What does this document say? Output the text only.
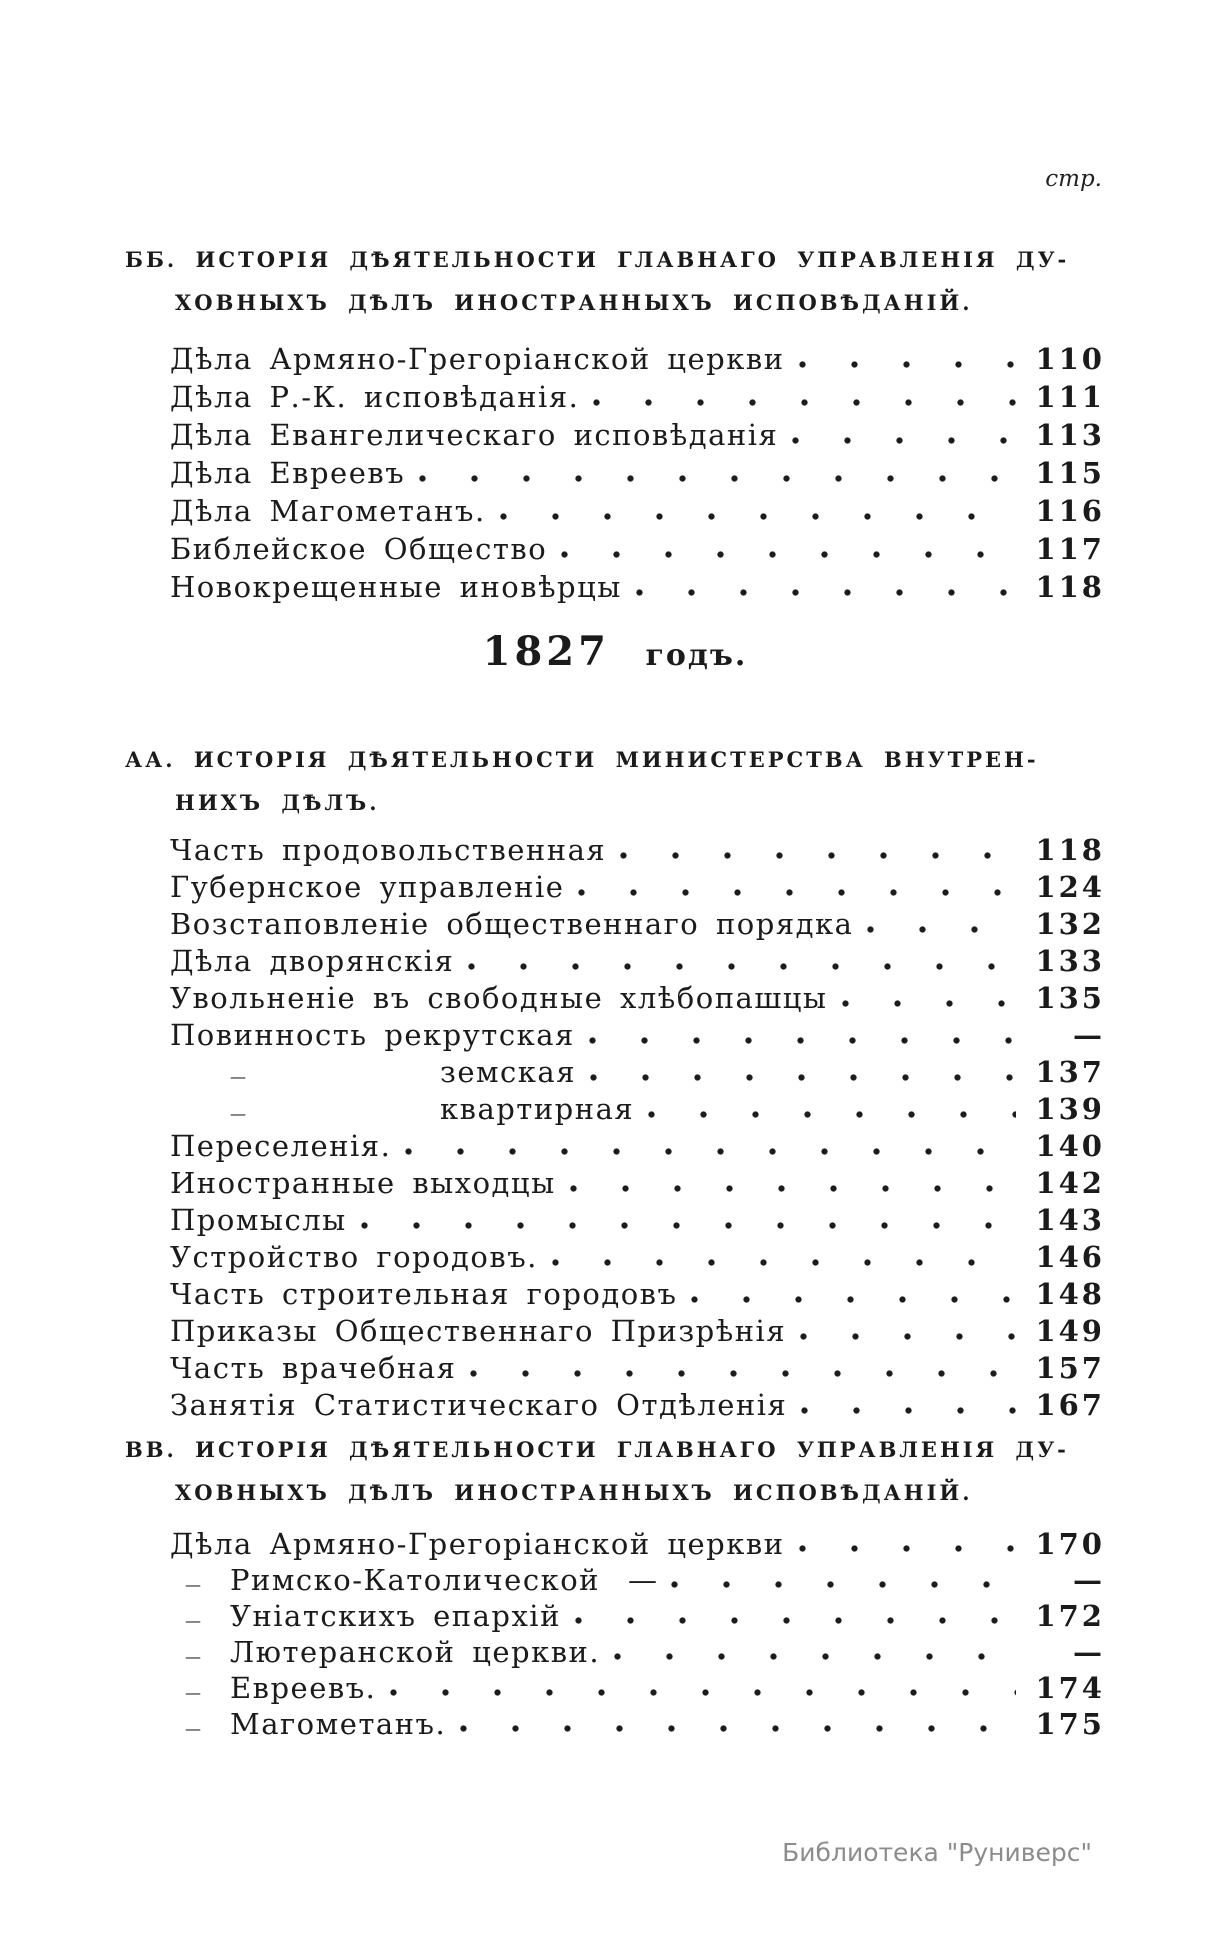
стр.
ББ. ИСТОРІЯ ДѢЯТЕЛЬНОСТИ ГЛАВНАГО УПРАВЛЕНІЯ ДУ-
ХОВНЫХЪ ДѢЛЪ ИНОСТРАННЫХЪ ИСПОВѢДАНІЙ.
Дѣла Армяно-Грегоріанской церкви	110
Дѣла Р.-К. исповѣданія.	111
Дѣла Евангелическаго исповѣданія	113
Дѣла Евреевъ	115
Дѣла Магометанъ.	116
Библейское Общество	117
Новокрещенные иновѣрцы	118
1827 годъ.
АА. ИСТОРІЯ ДѢЯТЕЛЬНОСТИ МИНИСТЕРСТВА ВНУТРЕН-
НИХЪ ДѢЛЪ.
Часть продовольственная	118
Губернское управленіе	124
Возстаповленіе общественнаго порядка	132
Дѣла дворянскія	133
Увольненіе въ свободные хлѣбопашцы	135
Повинность рекрутская	—
—	земская	137
—	квартирная	139
Переселенія.	140
Иностранные выходцы	142
Промыслы	143
Устройство городовъ.	146
Часть строительная городовъ	148
Приказы Общественнаго Призрѣнія	149
Часть врачебная	157
Занятія Статистическаго Отдѣленія	167
ВВ. ИСТОРІЯ ДѢЯТЕЛЬНОСТИ ГЛАВНАГО УПРАВЛЕНІЯ ДУ-
ХОВНЫХЪ ДѢЛЪ ИНОСТРАННЫХЪ ИСПОВѢДАНІЙ.
Дѣла Армяно-Грегоріанской церкви	170
—	Римско-Католической —	—
—	Уніатскихъ епархій	172
—	Лютеранской церкви.	—
—	Евреевъ.	174
—	Магометанъ.	175
Библиотека "Руниверс"
